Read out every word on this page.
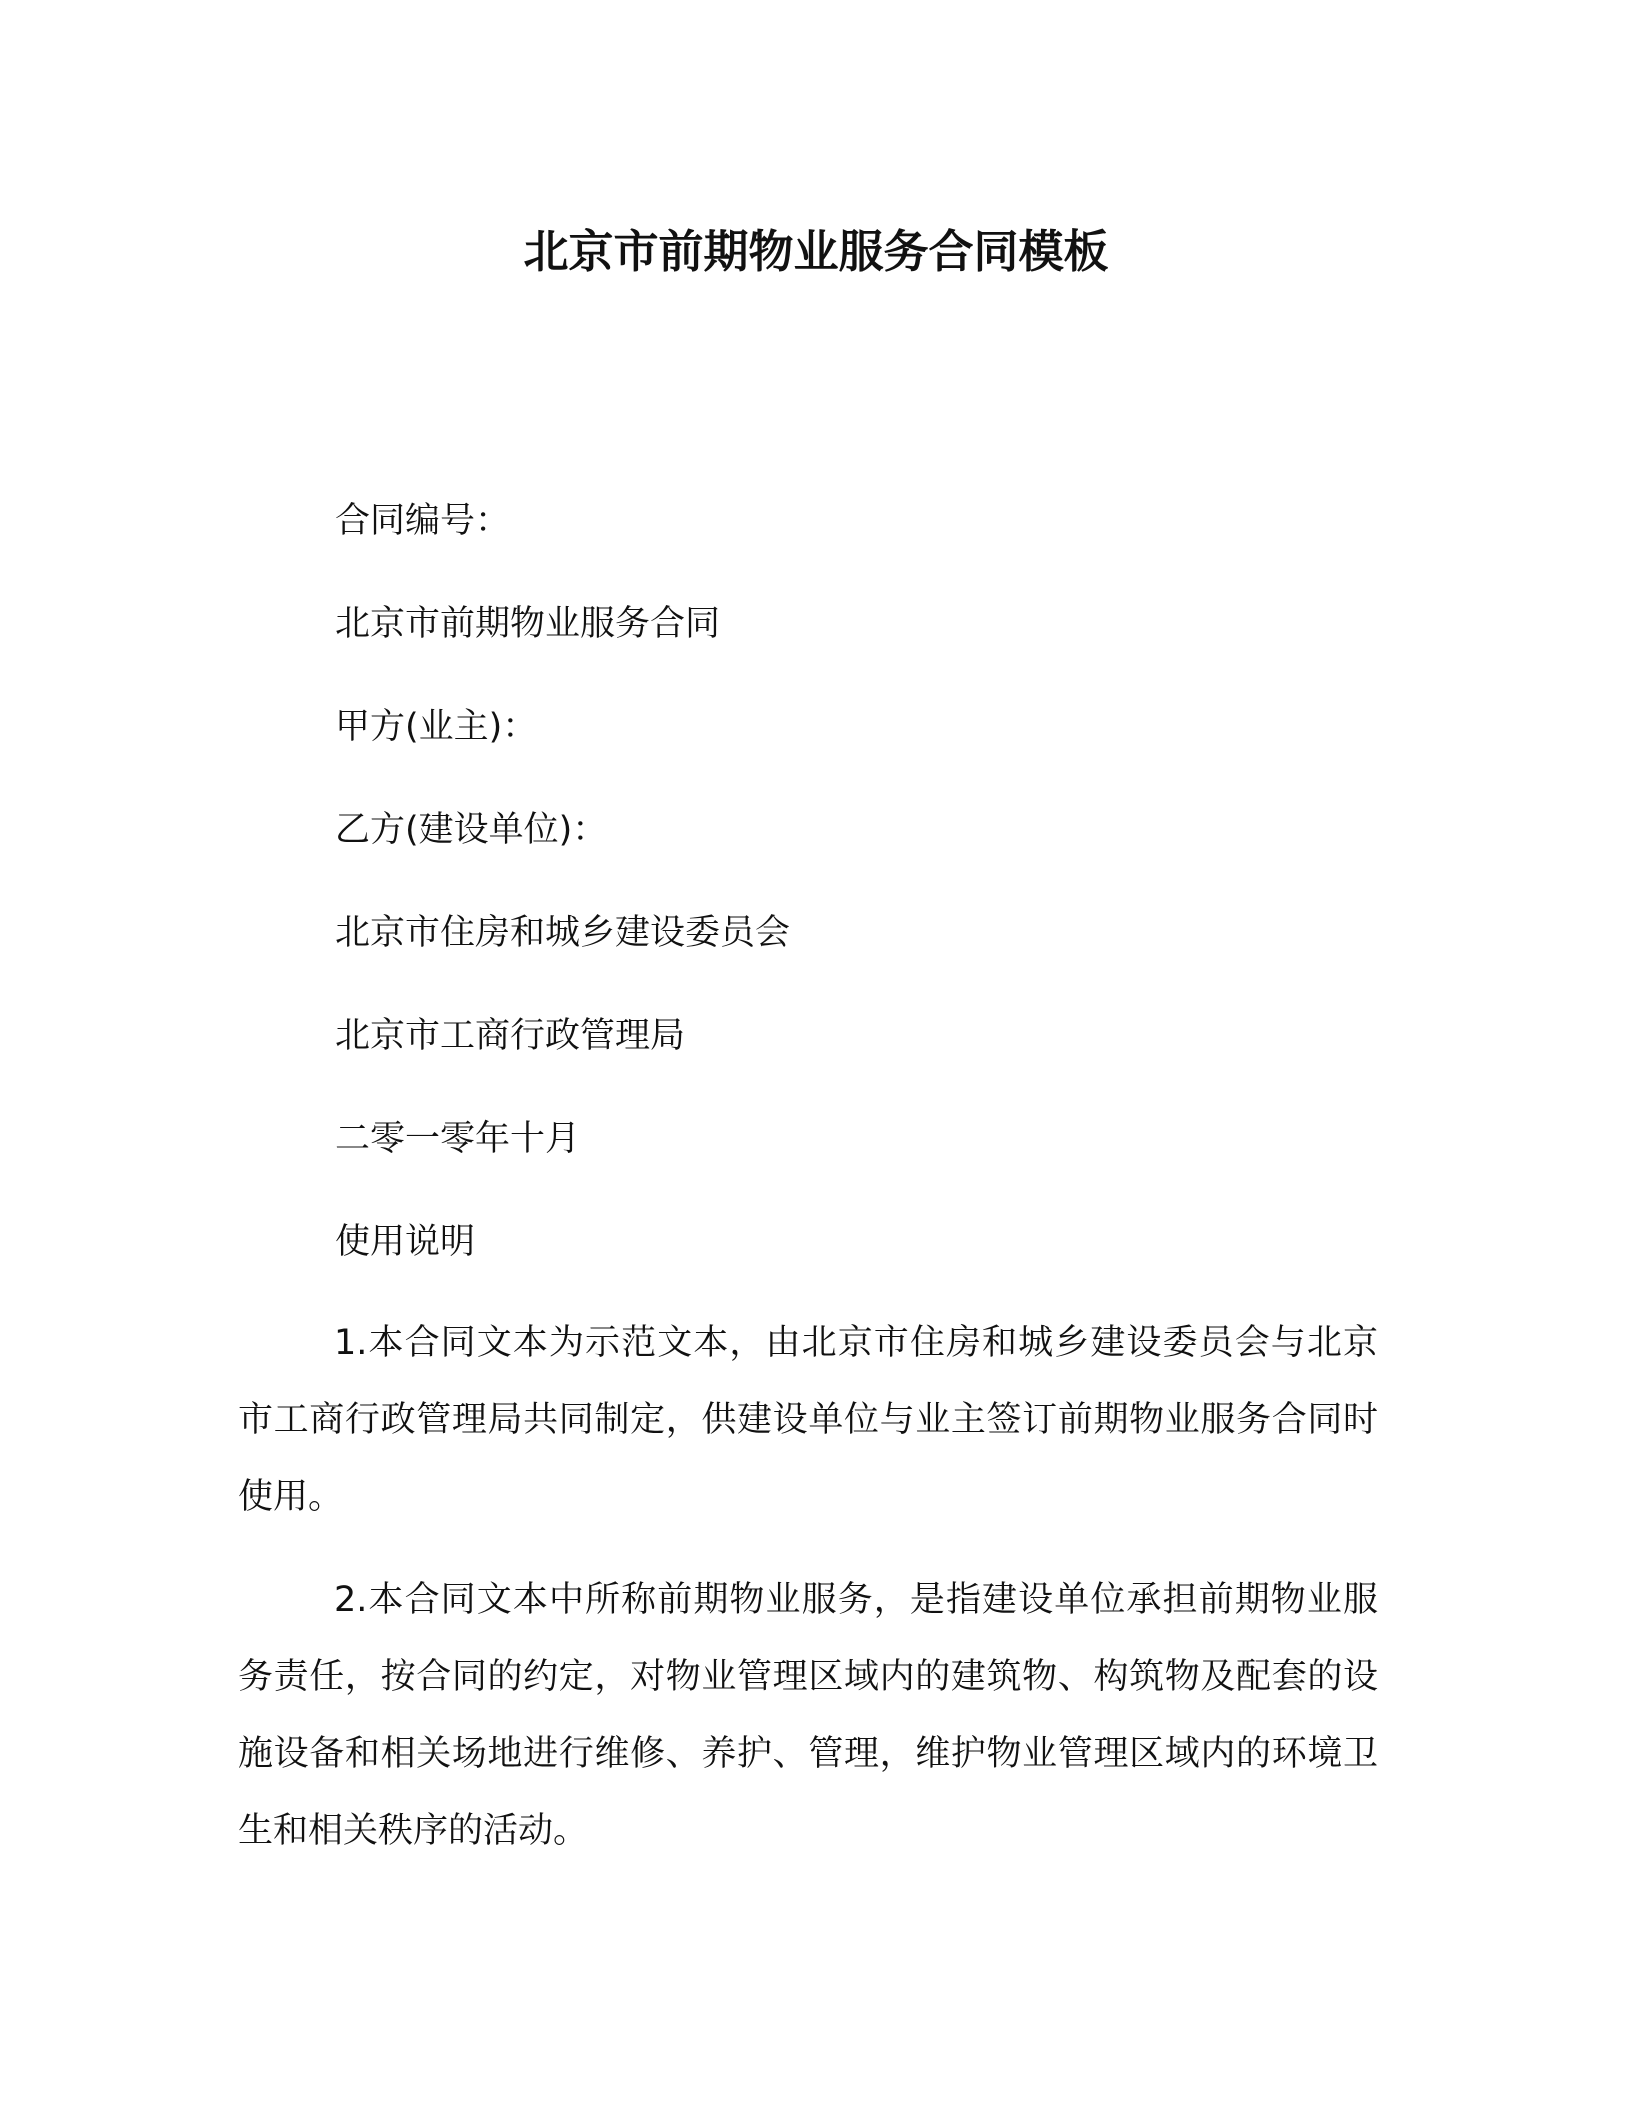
北京市前期物业服务合同模板

合同编号：

北京市前期物业服务合同

甲方(业主)：

乙方(建设单位)：

北京市住房和城乡建设委员会

北京市工商行政管理局

二零一零年十月

使用说明

1.本合同文本为示范文本，由北京市住房和城乡建设委员会与北京市工商行政管理局共同制定，供建设单位与业主签订前期物业服务合同时使用。

2.本合同文本中所称前期物业服务，是指建设单位承担前期物业服务责任，按合同的约定，对物业管理区域内的建筑物、构筑物及配套的设施设备和相关场地进行维修、养护、管理，维护物业管理区域内的环境卫生和相关秩序的活动。
